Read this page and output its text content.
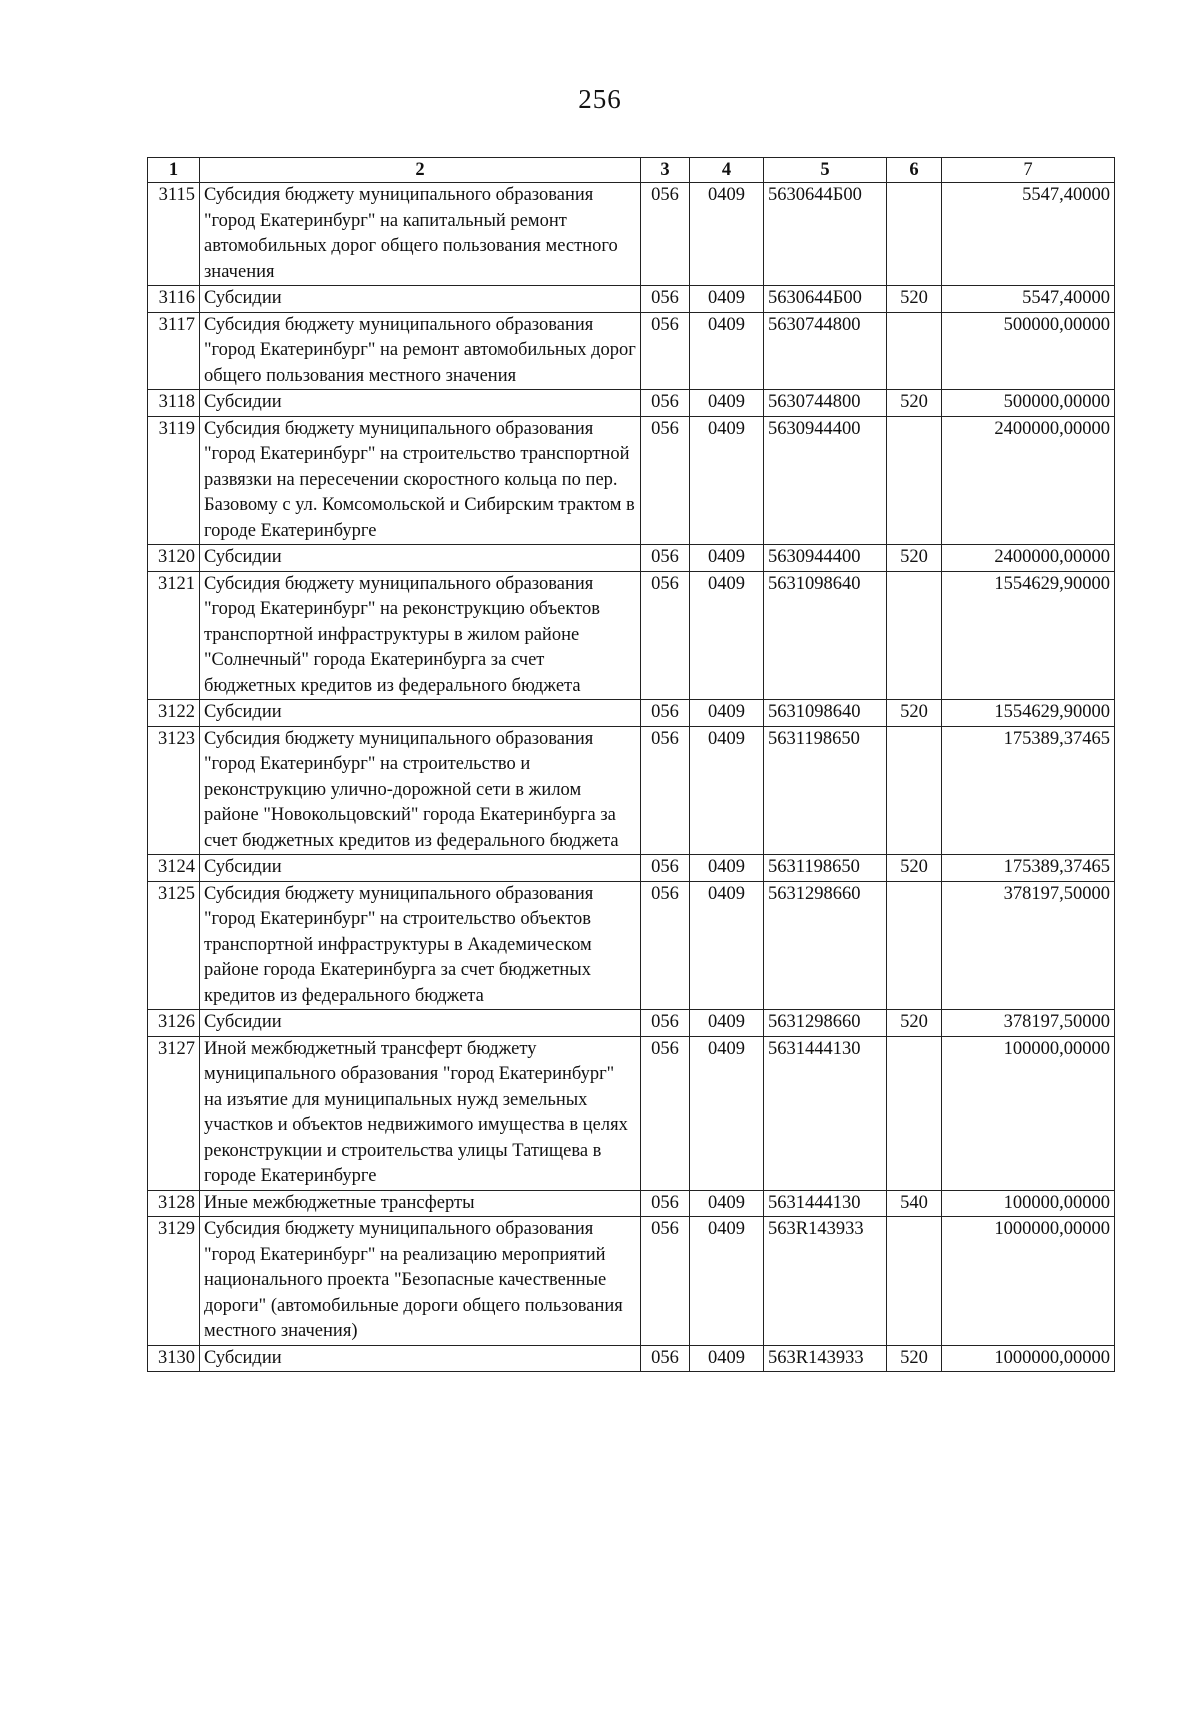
256
1	2	3	4	5	6	7
3115	Субсидия бюджету муниципального образования "город Екатеринбург" на капитальный ремонт автомобильных дорог общего пользования местного значения	056	0409	5630644Б00		5547,40000
3116	Субсидии	056	0409	5630644Б00	520	5547,40000
3117	Субсидия бюджету муниципального образования "город Екатеринбург" на ремонт автомобильных дорог общего пользования местного значения	056	0409	5630744800		500000,00000
3118	Субсидии	056	0409	5630744800	520	500000,00000
3119	Субсидия бюджету муниципального образования "город Екатеринбург" на строительство транспортной развязки на пересечении скоростного кольца по пер. Базовому с ул. Комсомольской и Сибирским трактом в городе Екатеринбурге	056	0409	5630944400		2400000,00000
3120	Субсидии	056	0409	5630944400	520	2400000,00000
3121	Субсидия бюджету муниципального образования "город Екатеринбург" на реконструкцию объектов транспортной инфраструктуры в жилом районе "Солнечный" города Екатеринбурга за счет бюджетных кредитов из федерального бюджета	056	0409	5631098640		1554629,90000
3122	Субсидии	056	0409	5631098640	520	1554629,90000
3123	Субсидия бюджету муниципального образования "город Екатеринбург" на строительство и реконструкцию улично-дорожной сети в жилом районе "Новокольцовский" города Екатеринбурга за счет бюджетных кредитов из федерального бюджета	056	0409	5631198650		175389,37465
3124	Субсидии	056	0409	5631198650	520	175389,37465
3125	Субсидия бюджету муниципального образования "город Екатеринбург" на строительство объектов транспортной инфраструктуры в Академическом районе города Екатеринбурга за счет бюджетных кредитов из федерального бюджета	056	0409	5631298660		378197,50000
3126	Субсидии	056	0409	5631298660	520	378197,50000
3127	Иной межбюджетный трансферт бюджету муниципального образования "город Екатеринбург" на изъятие для муниципальных нужд земельных участков и объектов недвижимого имущества в целях реконструкции и строительства улицы Татищева в городе Екатеринбурге	056	0409	5631444130		100000,00000
3128	Иные межбюджетные трансферты	056	0409	5631444130	540	100000,00000
3129	Субсидия бюджету муниципального образования "город Екатеринбург" на реализацию мероприятий национального проекта "Безопасные качественные дороги" (автомобильные дороги общего пользования местного значения)	056	0409	563R143933		1000000,00000
3130	Субсидии	056	0409	563R143933	520	1000000,00000
